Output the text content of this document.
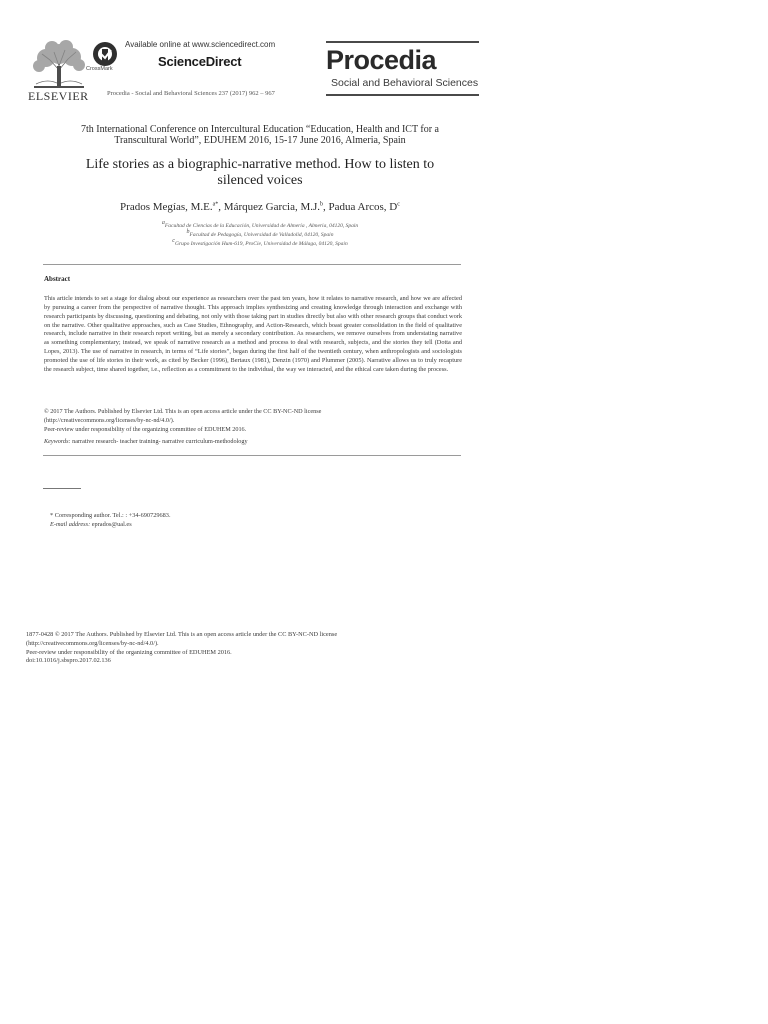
ELSEVIER
CrossMark
Available online at www.sciencedirect.com
ScienceDirect
Procedia - Social and Behavioral Sciences 237 (2017) 962 – 967
Procedia
Social and Behavioral Sciences
7th International Conference on Intercultural Education “Education, Health and ICT for a
Transcultural World”, EDUHEM 2016, 15-17 June 2016, Almeria, Spain
Life stories as a biographic-narrative method. How to listen to
silenced voices
Prados Megías, M.E.$^{a*}$, Márquez Garcia, M.J.$^b$, Padua Arcos, $D^c$
aFacultad de Ciencias de la Educación, Universidad de Almería , Almeria, 04120, Spain
bFacultad de Pedagogía, Universidad de Valladolid, 04120, Spain
cGrupo Investigación Hum-619, ProCie, Universidad de Málaga, 04120, Spain
Abstract
This article intends to set a stage for dialog about our experience as researchers over the past ten years, how it relates to narrative research, and how we are affected by pursuing a career from the perspective of narrative thought. This approach implies synthesizing and creating knowledge through interaction and exchange with research participants by discussing, questioning and debating, not only with those taking part in studies directly but also with other research groups that conduct work on the narrative. Other qualitative approaches, such as Case Studies, Ethnography, and Action-Research, which boast greater consolidation in the field of qualitative research, include narrative in their research report writing, but as merely a secondary contribution. As researchers, we remove ourselves from understating narrative as something complementary; instead, we speak of narrative research as a method and process to deal with research, subjects, and the stories they tell (Dotta and Lopes, 2013). The use of narrative in research, in terms of “Life stories”, began during the first half of the twentieth century, when anthropologists and sociologists promoted the use of life stories in their work, as cited by Becker (1996), Bertaux (1981), Denzin (1970) and Plummer (2005). Narrative allows us to truly recapture the research subject, time shared together, i.e., reflection as a commitment to the individual, the way we interacted, and the ethical care taken during the process.
© 2017 The Authors. Published by Elsevier Ltd. This is an open access article under the CC BY-NC-ND license
(http://creativecommons.org/licenses/by-nc-nd/4.0/).
Peer-review under responsibility of the organizing committee of EDUHEM 2016.
Keywords: narrative research- teacher training- narrative curriculum-methodology
* Corresponding author. Tel.: : +34-690729683.
E-mail address: eprados@ual.es
1877-0428 © 2017 The Authors. Published by Elsevier Ltd. This is an open access article under the CC BY-NC-ND license
(http://creativecommons.org/licenses/by-nc-nd/4.0/).
Peer-review under responsibility of the organizing committee of EDUHEM 2016.
doi:10.1016/j.sbspro.2017.02.136
